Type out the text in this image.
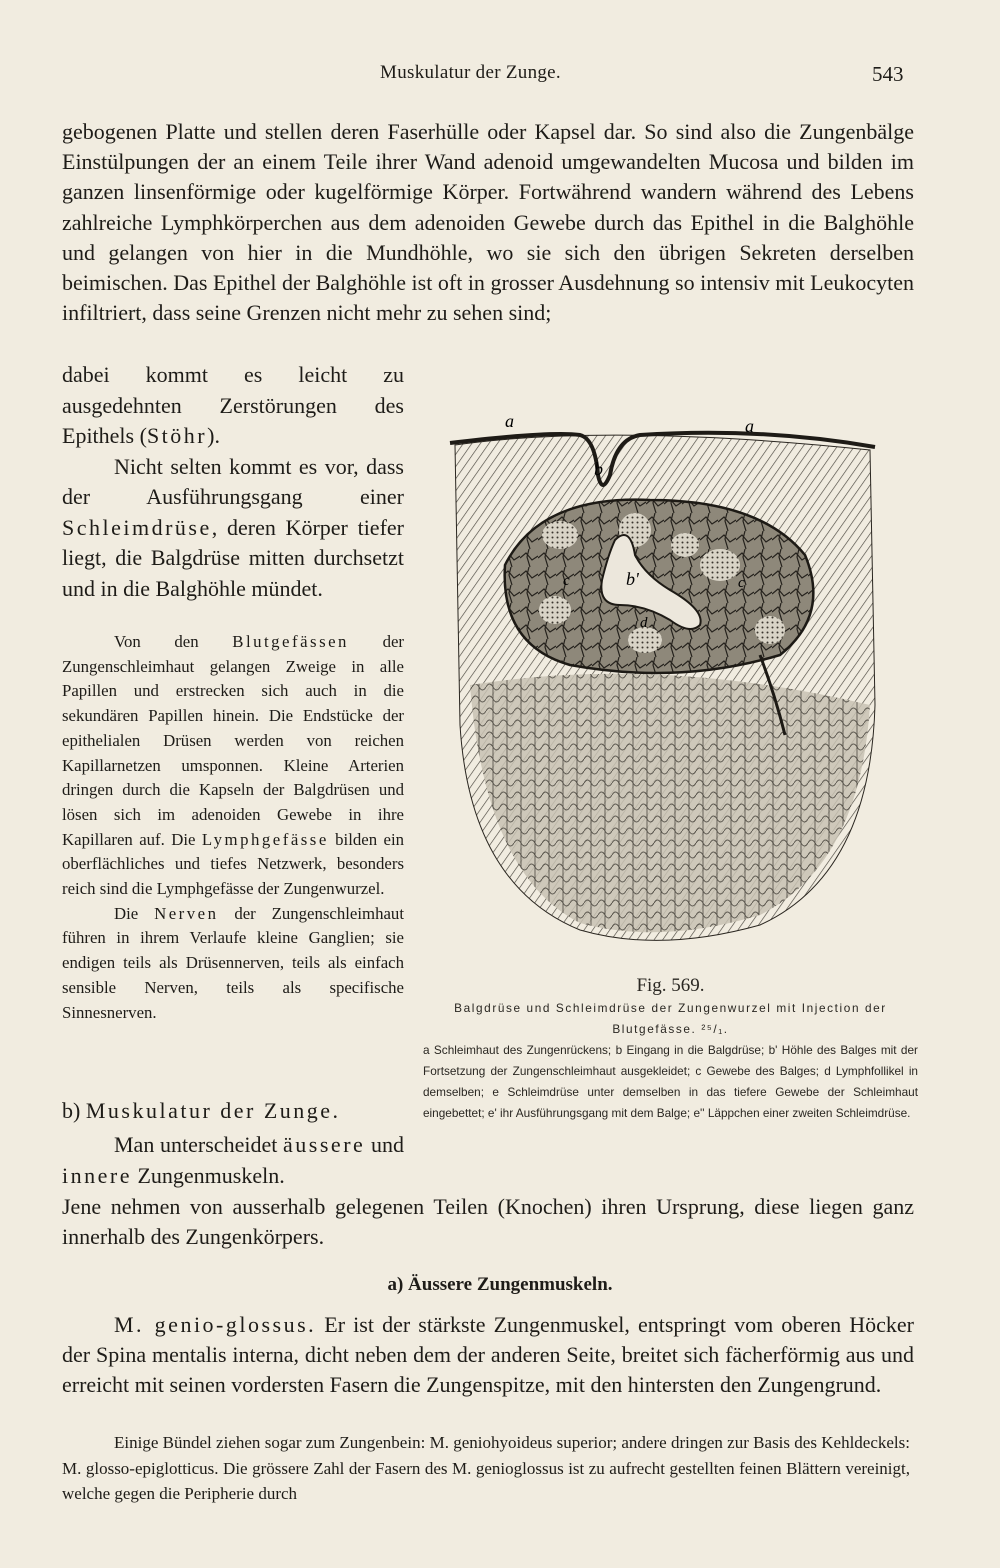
Muskulatur der Zunge.	543

gebogenen Platte und stellen deren Faserhülle oder Kapsel dar. So sind also die Zungenbälge Einstülpungen der an einem Teile ihrer Wand adenoid umgewandelten Mucosa und bilden im ganzen linsenförmige oder kugelförmige Körper. Fortwährend wandern während des Lebens zahlreiche Lymphkörperchen aus dem adenoiden Gewebe durch das Epithel in die Balghöhle und gelangen von hier in die Mundhöhle, wo sie sich den übrigen Sekreten derselben beimischen. Das Epithel der Balghöhle ist oft in grosser Ausdehnung so intensiv mit Leukocyten infiltriert, dass seine Grenzen nicht mehr zu sehen sind;

dabei kommt es leicht zu ausgedehnten Zerstörungen des Epithels (Stöhr).

Nicht selten kommt es vor, dass der Ausführungsgang einer Schleimdrüse, deren Körper tiefer liegt, die Balgdrüse mitten durchsetzt und in die Balghöhle mündet.

Von den Blutgefässen der Zungenschleimhaut gelangen Zweige in alle Papillen und erstrecken sich auch in die sekundären Papillen hinein. Die Endstücke der epithelialen Drüsen werden von reichen Kapillarnetzen umsponnen. Kleine Arterien dringen durch die Kapseln der Balgdrüsen und lösen sich im adenoiden Gewebe in ihre Kapillaren auf. Die Lymphgefässe bilden ein oberflächliches und tiefes Netzwerk, besonders reich sind die Lymphgefässe der Zungenwurzel.

Die Nerven der Zungenschleimhaut führen in ihrem Verlaufe kleine Ganglien; sie endigen teils als Drüsennerven, teils als einfach sensible Nerven, teils als specifische Sinnesnerven.

b) Muskulatur der Zunge.

Man unterscheidet äussere und innere Zungenmuskeln.

Jene nehmen von ausserhalb gelegenen Teilen (Knochen) ihren Ursprung, diese liegen ganz innerhalb des Zungenkörpers.

a	a
b
b'
c	c
d
Fig. 569.
Balgdrüse und Schleimdrüse der Zungenwurzel mit Injection der Blutgefässe. ²⁵/₁.
a Schleimhaut des Zungenrückens; b Eingang in die Balgdrüse; b' Höhle des Balges mit der Fortsetzung der Zungenschleimhaut ausgekleidet; c Gewebe des Balges; d Lymphfollikel in demselben; e Schleimdrüse unter demselben in das tiefere Gewebe der Schleimhaut eingebettet; e' ihr Ausführungsgang mit dem Balge; e'' Läppchen einer zweiten Schleimdrüse.
a) Äussere Zungenmuskeln.

M. genio-glossus. Er ist der stärkste Zungenmuskel, entspringt vom oberen Höcker der Spina mentalis interna, dicht neben dem der anderen Seite, breitet sich fächerförmig aus und erreicht mit seinen vordersten Fasern die Zungenspitze, mit den hintersten den Zungengrund.

Einige Bündel ziehen sogar zum Zungenbein: M. geniohyoideus superior; andere dringen zur Basis des Kehldeckels: M. glosso-epiglotticus. Die grössere Zahl der Fasern des M. genioglossus ist zu aufrecht gestellten feinen Blättern vereinigt, welche gegen die Peripherie durch
